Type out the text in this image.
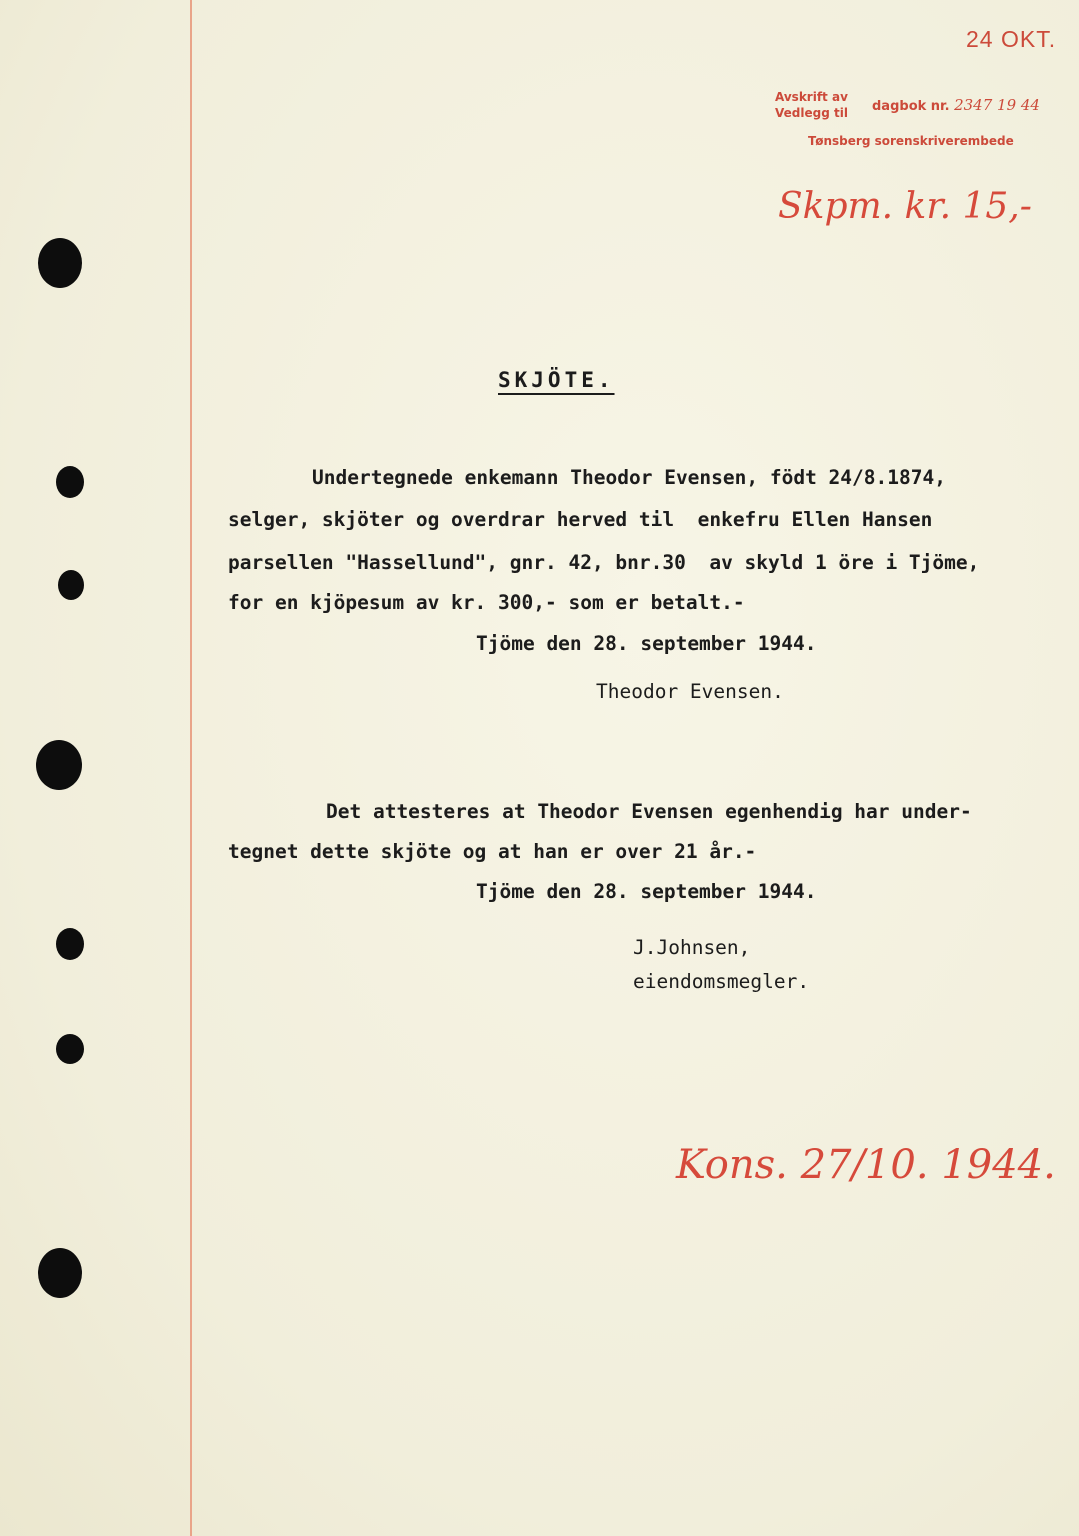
24 OKT.
Avskrift av
Vedlegg til dagbok nr. 2347 19 44
Tønsberg sorenskriverembede
Skpm. kr. 15,-
SKJÖTE.
Undertegnede enkemann Theodor Evensen, födt 24/8.1874,
selger, skjöter og overdrar herved til  enkefru Ellen Hansen
parsellen "Hassellund", gnr. 42, bnr.30  av skyld 1 öre i Tjöme,
for en kjöpesum av kr. 300,- som er betalt.-
Tjöme den 28. september 1944.
Theodor Evensen.
Det attesteres at Theodor Evensen egenhendig har under-
tegnet dette skjöte og at han er over 21 år.-
Tjöme den 28. september 1944.
J.Johnsen,
eiendomsmegler.
Kons. 27/10. 1944.
